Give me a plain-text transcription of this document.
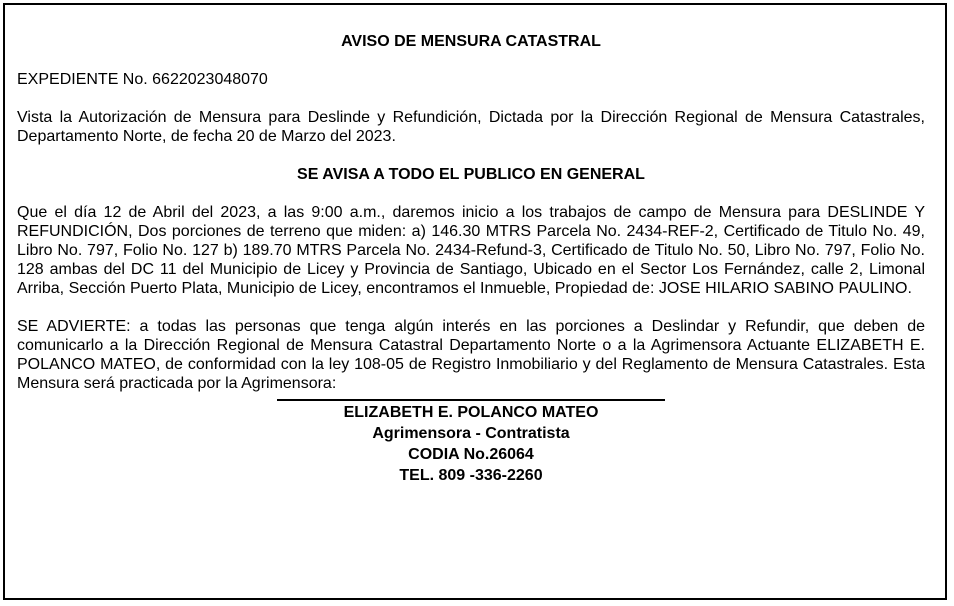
AVISO DE MENSURA CATASTRAL
EXPEDIENTE No. 6622023048070
Vista la Autorización de Mensura para Deslinde y Refundición, Dictada por la Dirección Regional de Mensura Catastrales, Departamento Norte, de fecha 20 de Marzo del 2023.
SE AVISA A TODO EL PUBLICO EN GENERAL
Que el día 12 de Abril del 2023, a las 9:00 a.m., daremos inicio a los trabajos de campo de Mensura para DESLINDE Y REFUNDICIÓN, Dos porciones de terreno que miden: a) 146.30 MTRS Parcela No. 2434-REF-2, Certificado de Titulo No. 49, Libro No. 797, Folio No. 127 b) 189.70 MTRS Parcela No. 2434-Refund-3, Certificado de Titulo No. 50, Libro No. 797, Folio No. 128 ambas del DC 11 del Municipio de Licey y Provincia de Santiago, Ubicado en el Sector Los Fernández, calle 2, Limonal Arriba, Sección Puerto Plata, Municipio de Licey, encontramos el Inmueble, Propiedad de: JOSE HILARIO SABINO PAULINO.
SE ADVIERTE: a todas las personas que tenga algún interés en las porciones a Deslindar y Refundir, que deben de comunicarlo a la Dirección Regional de Mensura Catastral Departamento Norte o a la Agrimensora Actuante ELIZABETH E. POLANCO MATEO, de conformidad con la ley 108-05 de Registro Inmobiliario y del Reglamento de Mensura Catastrales. Esta Mensura será practicada por la Agrimensora:
ELIZABETH E. POLANCO MATEO
Agrimensora - Contratista
CODIA No.26064
TEL. 809 -336-2260
